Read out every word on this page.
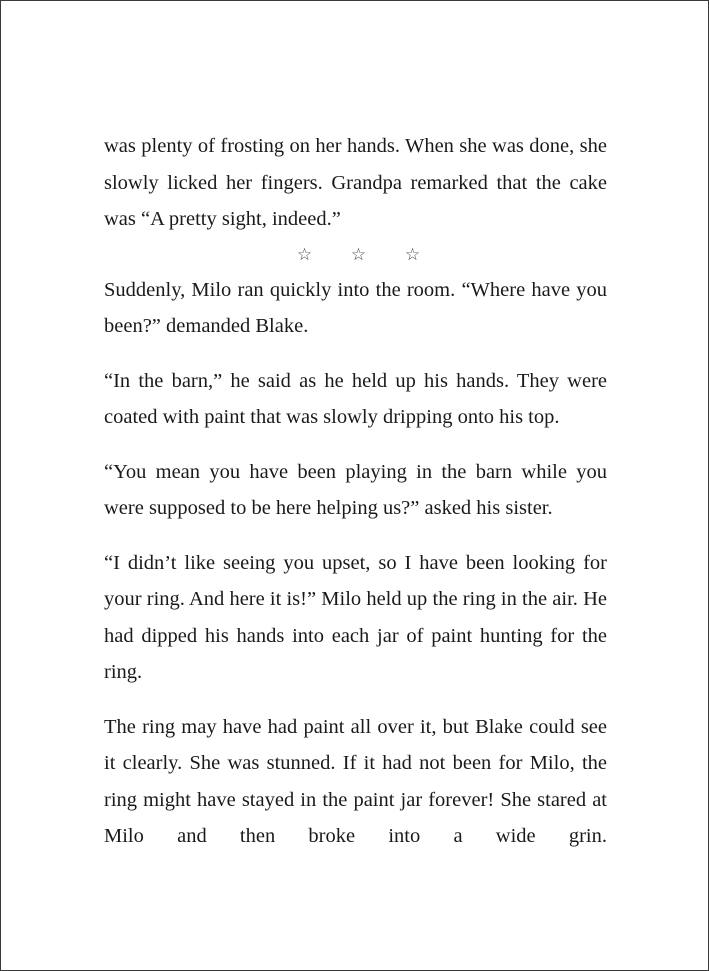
was plenty of frosting on her hands. When she was done, she slowly licked her fingers. Grandpa remarked that the cake was “A pretty sight, indeed.”

☆ ☆ ☆

Suddenly, Milo ran quickly into the room. “Where have you been?” demanded Blake.

“In the barn,” he said as he held up his hands. They were coated with paint that was slowly dripping onto his top.

“You mean you have been playing in the barn while you were supposed to be here helping us?” asked his sister.

“I didn’t like seeing you upset, so I have been looking for your ring. And here it is!” Milo held up the ring in the air. He had dipped his hands into each jar of paint hunting for the ring.

The ring may have had paint all over it, but Blake could see it clearly. She was stunned. If it had not been for Milo, the ring might have stayed in the paint jar forever! She stared at Milo and then broke into a wide grin.
